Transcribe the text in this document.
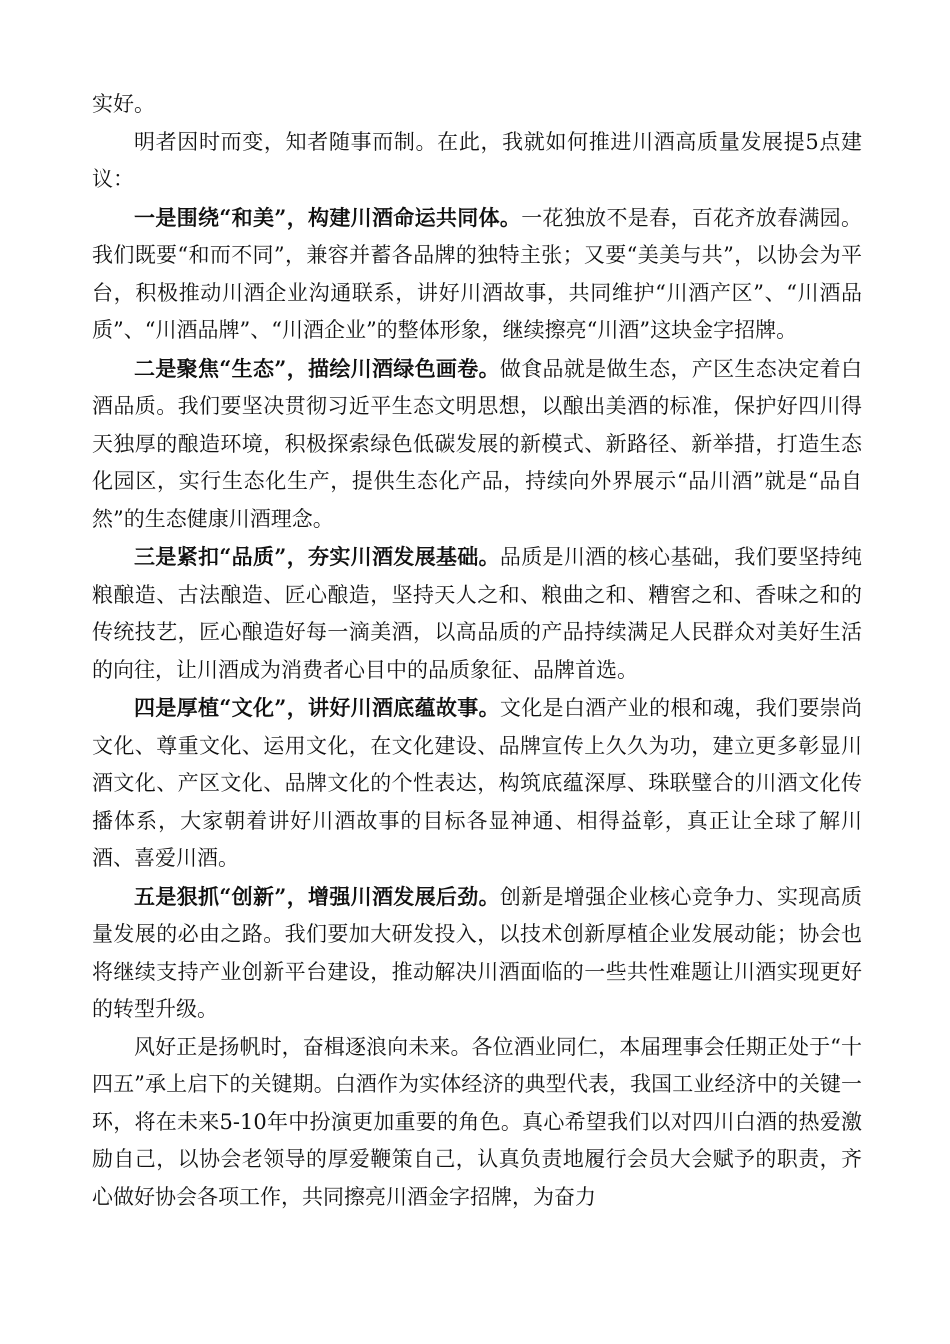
实好。

明者因时而变，知者随事而制。在此，我就如何推进川酒高质量发展提5点建议：

一是围绕“和美”，构建川酒命运共同体。一花独放不是春，百花齐放春满园。我们既要“和而不同”，兼容并蓄各品牌的独特主张；又要“美美与共”，以协会为平台，积极推动川酒企业沟通联系，讲好川酒故事，共同维护“川酒产区”、“川酒品质”、“川酒品牌”、“川酒企业”的整体形象，继续擦亮“川酒”这块金字招牌。

二是聚焦“生态”，描绘川酒绿色画卷。做食品就是做生态，产区生态决定着白酒品质。我们要坚决贯彻习近平生态文明思想，以酿出美酒的标准，保护好四川得天独厚的酿造环境，积极探索绿色低碳发展的新模式、新路径、新举措，打造生态化园区，实行生态化生产，提供生态化产品，持续向外界展示“品川酒”就是“品自然”的生态健康川酒理念。

三是紧扣“品质”，夯实川酒发展基础。品质是川酒的核心基础，我们要坚持纯粮酿造、古法酿造、匠心酿造，坚持天人之和、粮曲之和、糟窖之和、香味之和的传统技艺，匠心酿造好每一滴美酒，以高品质的产品持续满足人民群众对美好生活的向往，让川酒成为消费者心目中的品质象征、品牌首选。

四是厚植“文化”，讲好川酒底蕴故事。文化是白酒产业的根和魂，我们要崇尚文化、尊重文化、运用文化，在文化建设、品牌宣传上久久为功，建立更多彰显川酒文化、产区文化、品牌文化的个性表达，构筑底蕴深厚、珠联璧合的川酒文化传播体系，大家朝着讲好川酒故事的目标各显神通、相得益彰，真正让全球了解川酒、喜爱川酒。

五是狠抓“创新”，增强川酒发展后劲。创新是增强企业核心竞争力、实现高质量发展的必由之路。我们要加大研发投入，以技术创新厚植企业发展动能；协会也将继续支持产业创新平台建设，推动解决川酒面临的一些共性难题让川酒实现更好的转型升级。

风好正是扬帆时，奋楫逐浪向未来。各位酒业同仁，本届理事会任期正处于“十四五”承上启下的关键期。白酒作为实体经济的典型代表，我国工业经济中的关键一环，将在未来5-10年中扮演更加重要的角色。真心希望我们以对四川白酒的热爱激励自己，以协会老领导的厚爱鞭策自己，认真负责地履行会员大会赋予的职责，齐心做好协会各项工作，共同擦亮川酒金字招牌，为奋力
